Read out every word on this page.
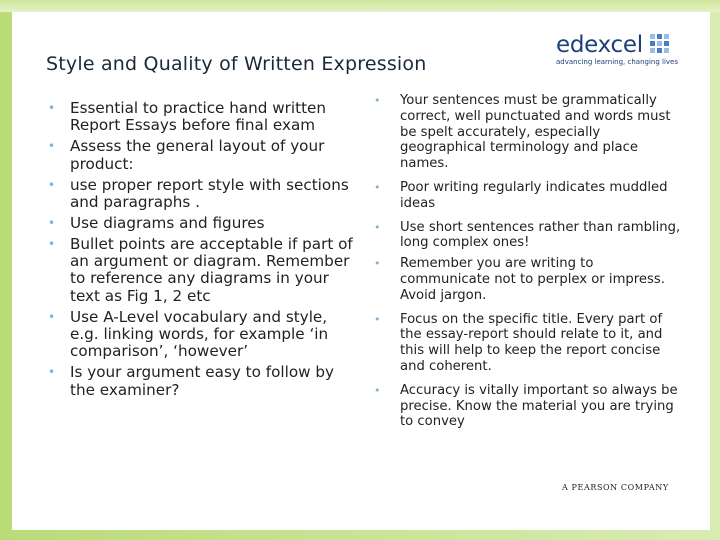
Style and Quality of Written Expression
edexcel
advancing learning, changing lives
• Essential to practice hand written Report Essays before final exam
• Assess the general layout of your product:
• use proper report style with sections and paragraphs .
• Use diagrams and figures
• Bullet points are acceptable if part of an argument or diagram. Remember to reference any diagrams in your text as Fig 1, 2 etc
• Use A-Level vocabulary and style, e.g. linking words, for example ‘in comparison’, ‘however’
• Is your argument easy to follow by the examiner?
• Your sentences must be grammatically correct, well punctuated and words must be spelt accurately, especially geographical terminology and place names.
• Poor writing regularly indicates muddled ideas
• Use short sentences rather than rambling, long complex ones!
• Remember you are writing to communicate not to perplex or impress. Avoid jargon.
• Focus on the specific title. Every part of the essay-report should relate to it, and this will help to keep the report concise and coherent.
• Accuracy is vitally important so always be precise. Know the material you are trying to convey
A PEARSON COMPANY
